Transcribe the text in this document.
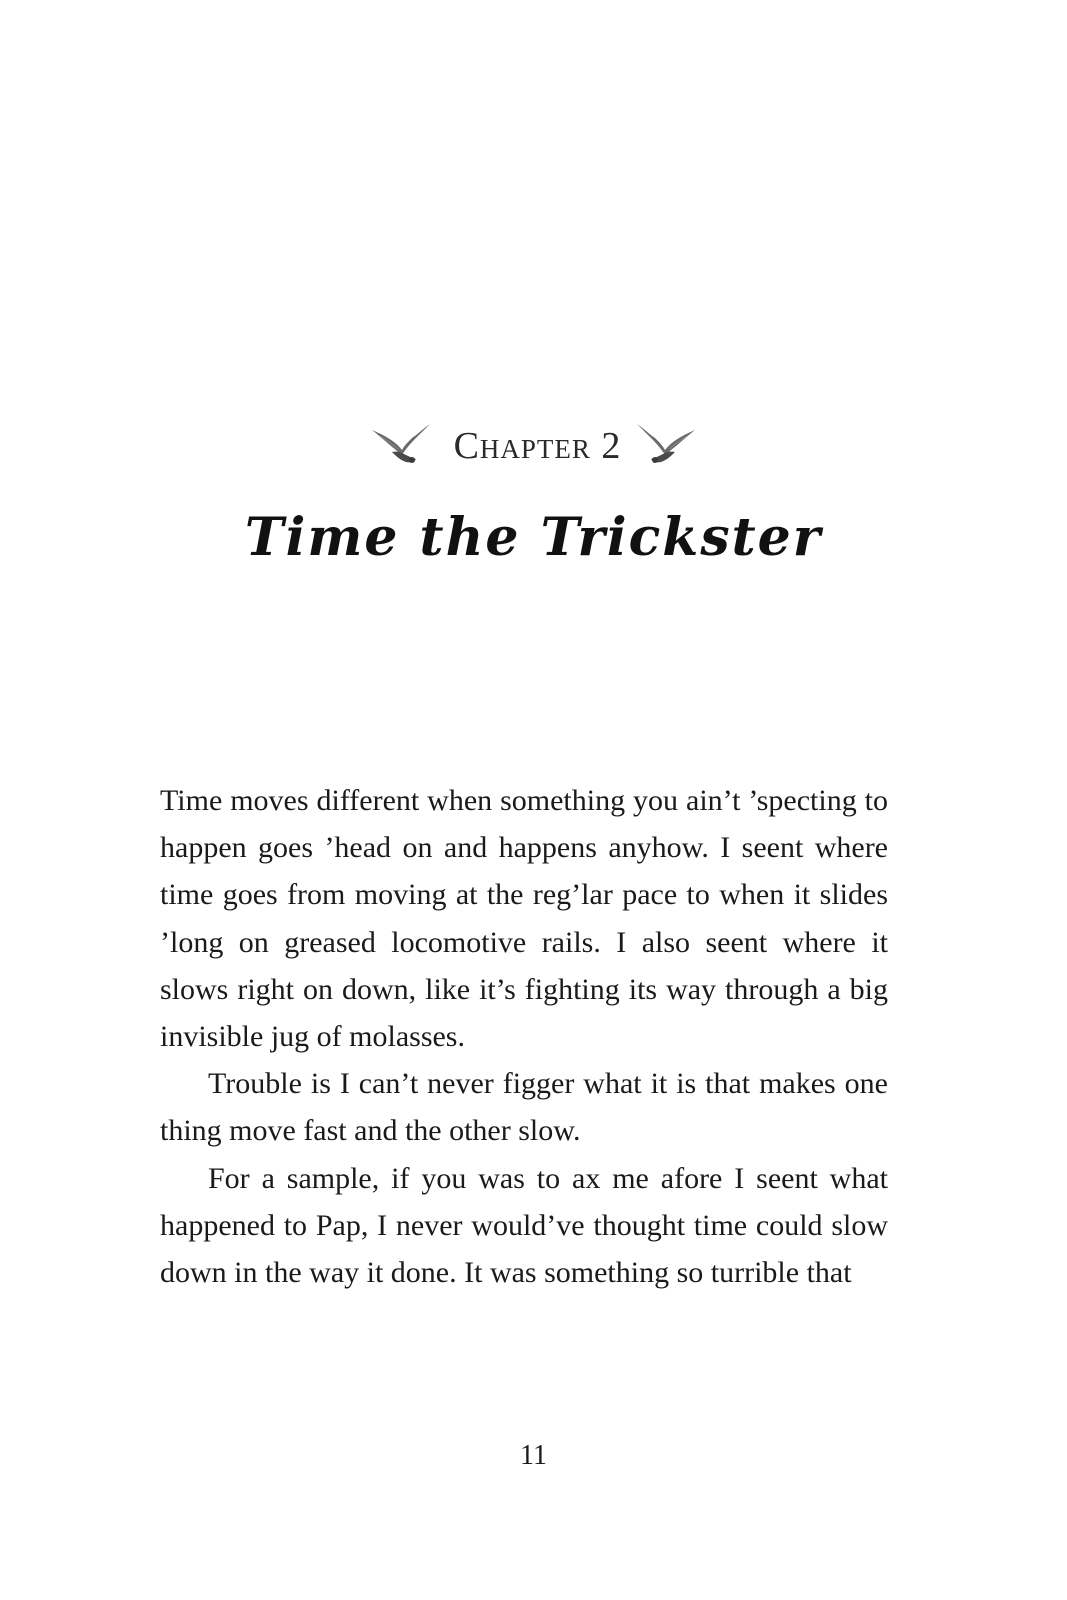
Chapter 2
Time the Trickster

Time moves different when something you ain’t ’specting to happen goes ’head on and happens anyhow. I seent where time goes from moving at the reg’lar pace to when it slides ’long on greased locomotive rails. I also seent where it slows right on down, like it’s fighting its way through a big invisible jug of molasses.

Trouble is I can’t never figger what it is that makes one thing move fast and the other slow.

For a sample, if you was to ax me afore I seent what happened to Pap, I never would’ve thought time could slow down in the way it done. It was something so turrible that

11
